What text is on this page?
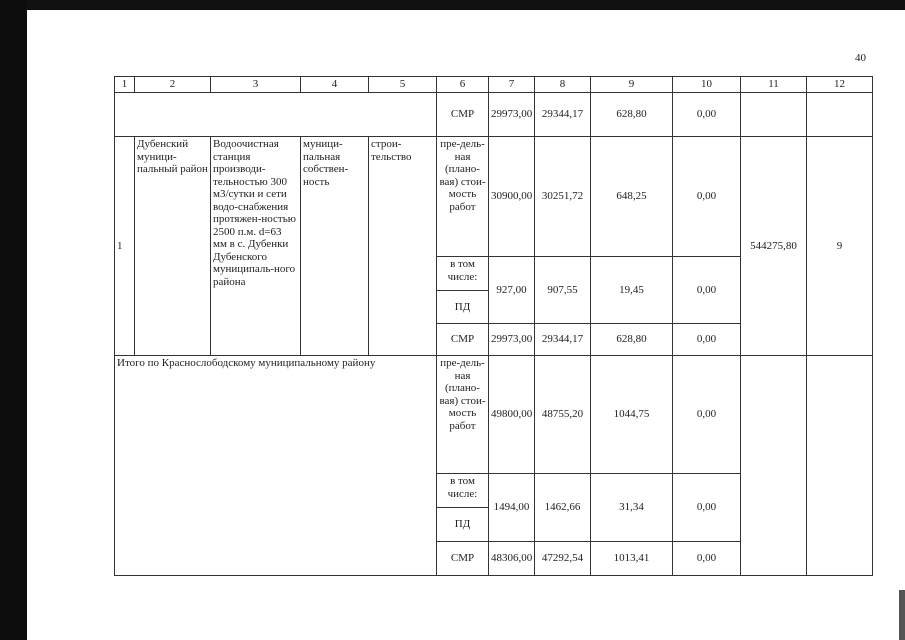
40
1	2	3	4	5	6	7	8	9	10	11	12
					СМР	29973,00	29344,17	628,80	0,00		
1	Дубенский муници-пальный район	Водоочистная станция производи-тельностью 300 м3/сутки и сети водо-снабжения протяжен-ностью 2500 п.м. d=63 мм в с. Дубенки Дубенского муниципаль-ного района	муници-пальная собствен-ность	строи-тельство	пре-дель-ная (плано-вая) стои-мость работ	30900,00	30251,72	648,25	0,00	544275,80	9
					в том числе:	927,00	907,55	19,45	0,00		
					ПД						
					СМР	29973,00	29344,17	628,80	0,00		
Итого по Краснослободскому муниципальному району					пре-дель-ная (плано-вая) стои-мость работ	49800,00	48755,20	1044,75	0,00		
					в том числе:	1494,00	1462,66	31,34	0,00		
					ПД						
					СМР	48306,00	47292,54	1013,41	0,00		
